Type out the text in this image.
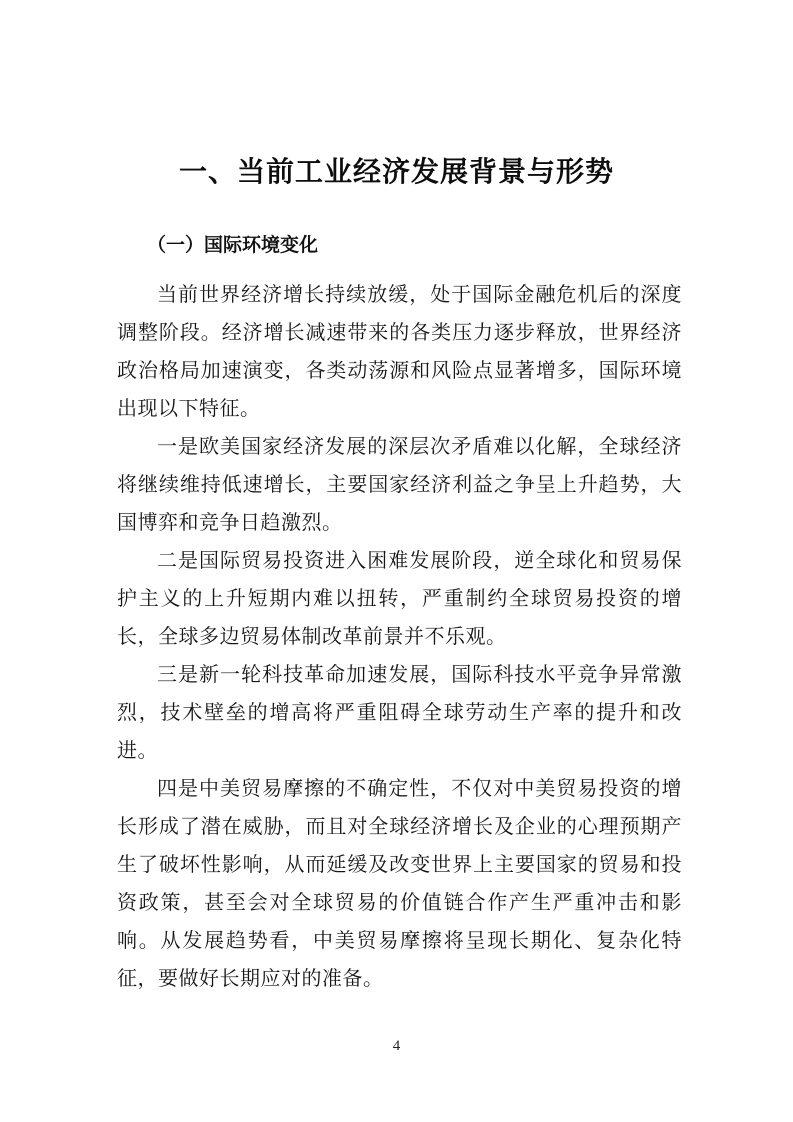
一、当前工业经济发展背景与形势
（一）国际环境变化

当前世界经济增长持续放缓，处于国际金融危机后的深度调整阶段。经济增长减速带来的各类压力逐步释放，世界经济政治格局加速演变，各类动荡源和风险点显著增多，国际环境出现以下特征。

一是欧美国家经济发展的深层次矛盾难以化解，全球经济将继续维持低速增长，主要国家经济利益之争呈上升趋势，大国博弈和竞争日趋激烈。

二是国际贸易投资进入困难发展阶段，逆全球化和贸易保护主义的上升短期内难以扭转，严重制约全球贸易投资的增长，全球多边贸易体制改革前景并不乐观。

三是新一轮科技革命加速发展，国际科技水平竞争异常激烈，技术壁垒的增高将严重阻碍全球劳动生产率的提升和改进。

四是中美贸易摩擦的不确定性，不仅对中美贸易投资的增长形成了潜在威胁，而且对全球经济增长及企业的心理预期产生了破坏性影响，从而延缓及改变世界上主要国家的贸易和投资政策，甚至会对全球贸易的价值链合作产生严重冲击和影响。从发展趋势看，中美贸易摩擦将呈现长期化、复杂化特征，要做好长期应对的准备。

4
